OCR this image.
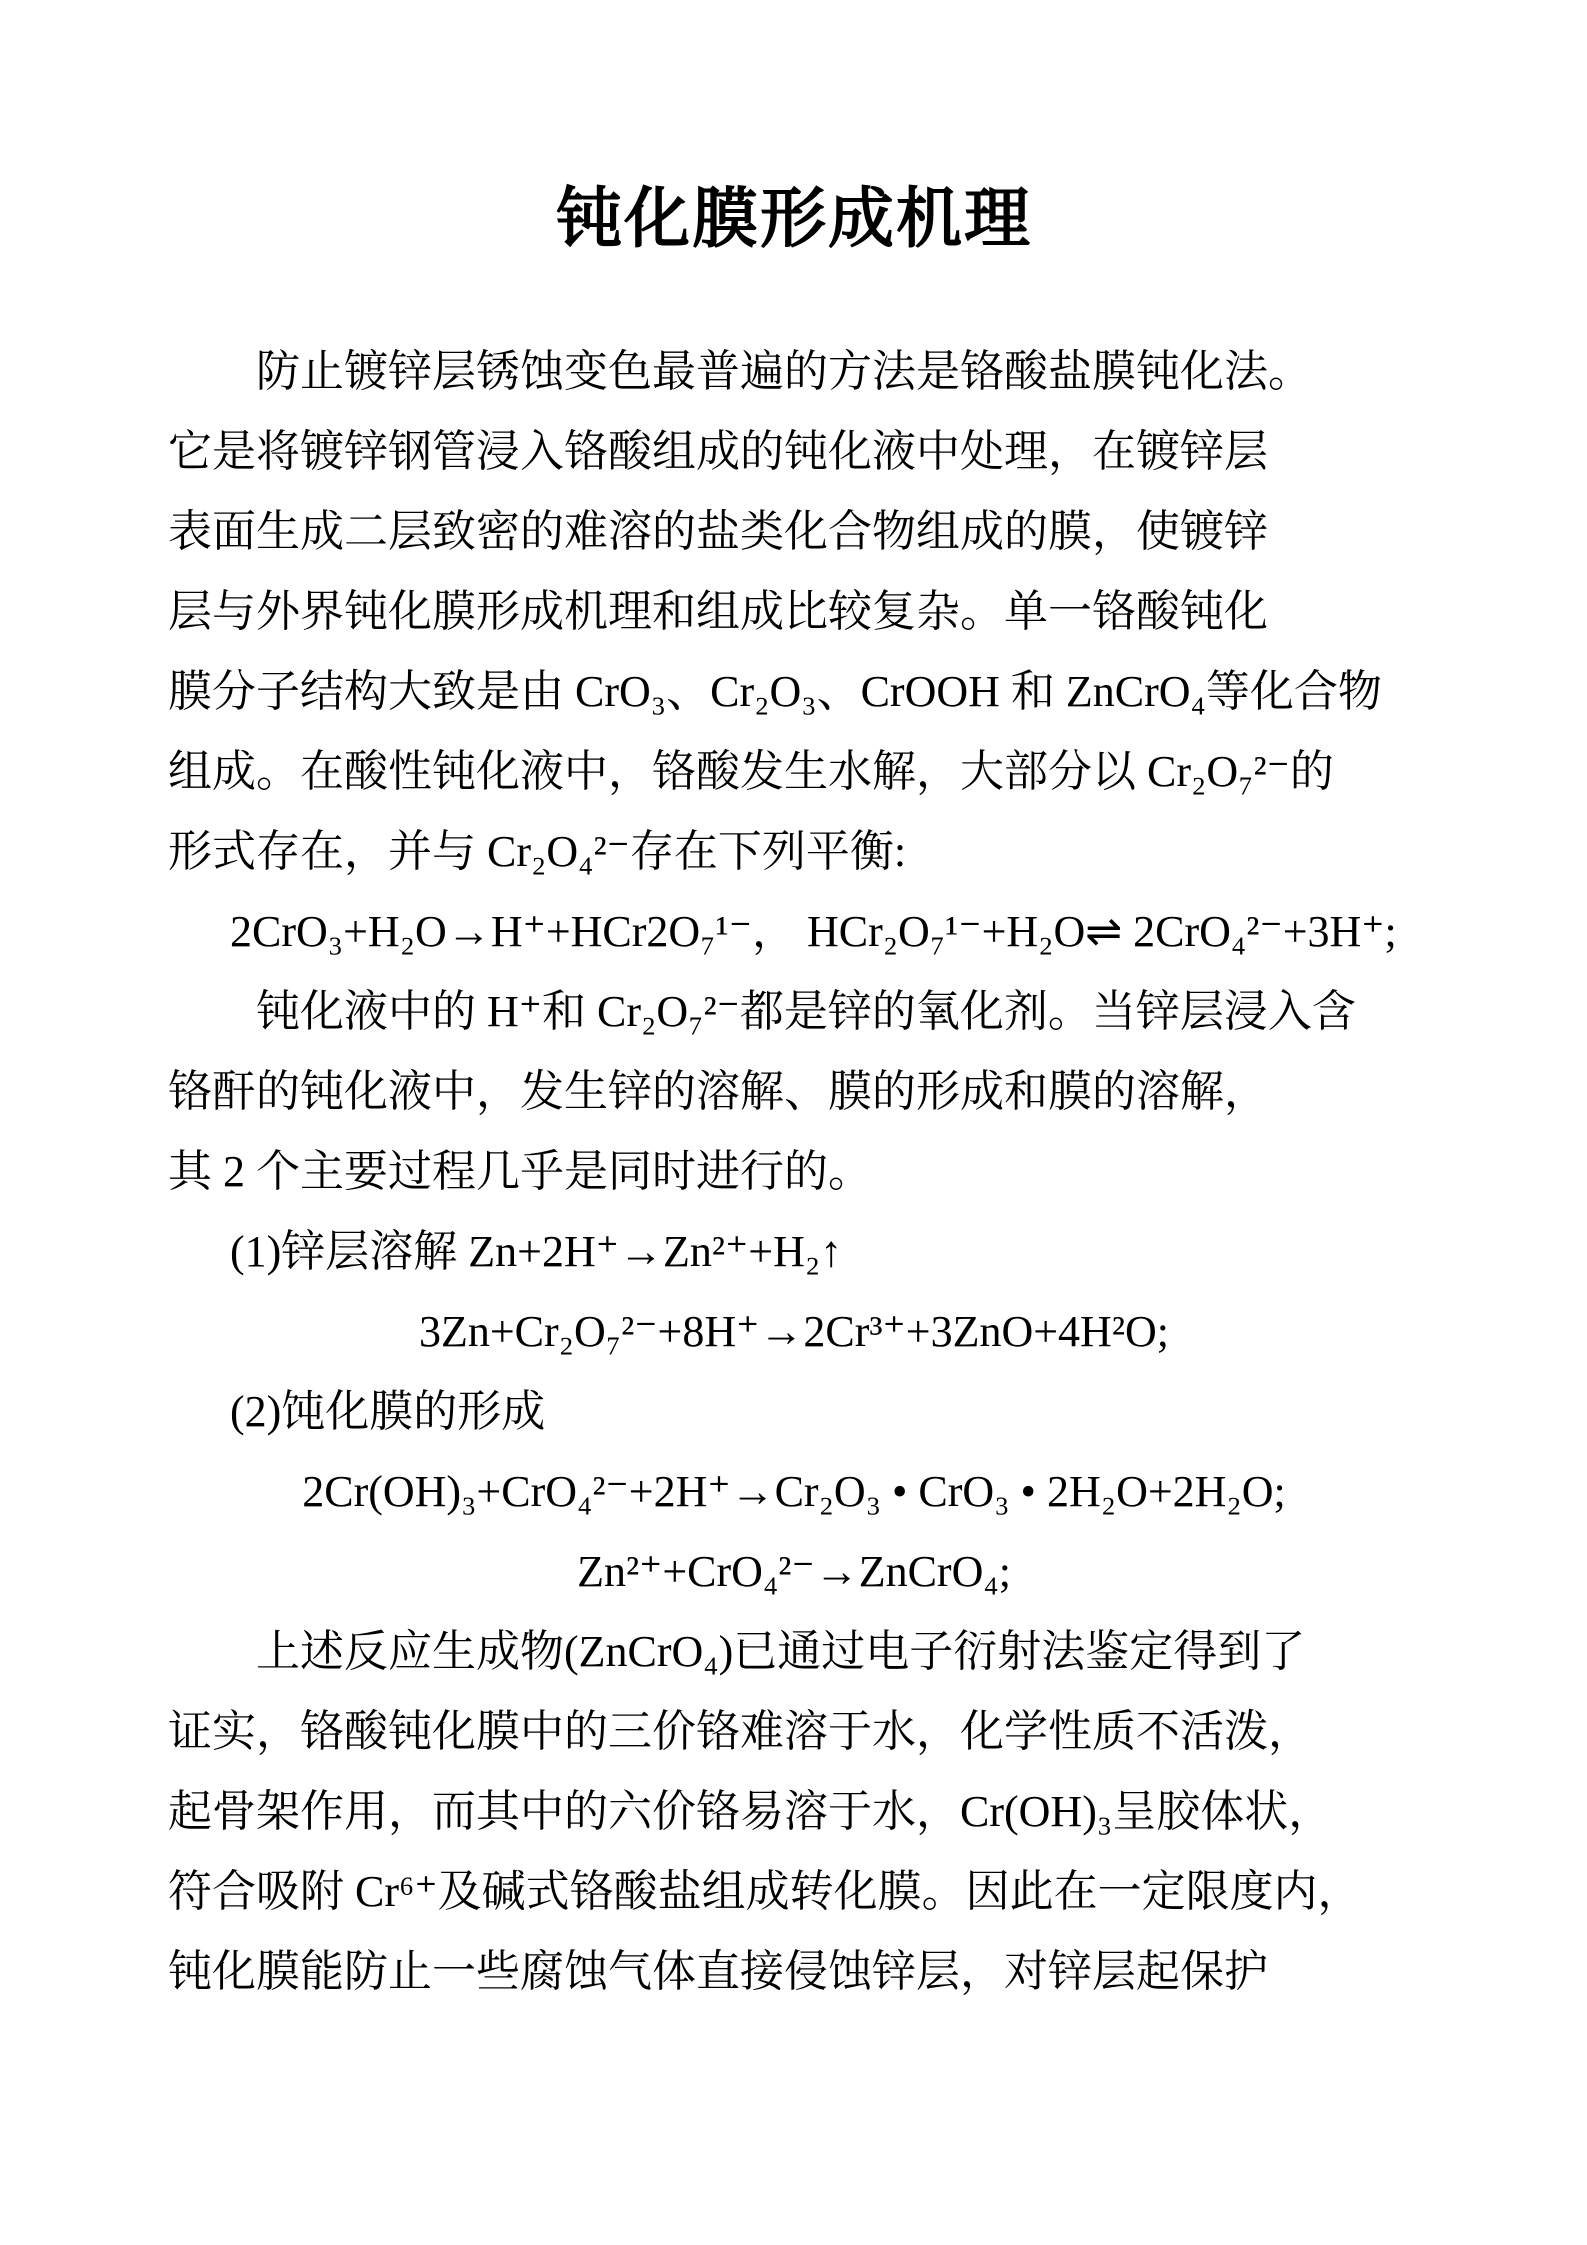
钝化膜形成机理
防止镀锌层锈蚀变色最普遍的方法是铬酸盐膜钝化法。
它是将镀锌钢管浸入铬酸组成的钝化液中处理，在镀锌层
表面生成二层致密的难溶的盐类化合物组成的膜，使镀锌
层与外界钝化膜形成机理和组成比较复杂。单一铬酸钝化
膜分子结构大致是由 CrO₃、Cr₂O₃、CrOOH 和 ZnCrO₄等化合物
组成。在酸性钝化液中，铬酸发生水解，大部分以 Cr₂O₇²⁻的
形式存在，并与 Cr₂O₄²⁻存在下列平衡:
2CrO₃+H₂O→H⁺+HCr2O₇¹⁻， HCr₂O₇¹⁻+H₂O⇌ 2CrO₄²⁻+3H⁺;
钝化液中的 H⁺和 Cr₂O₇²⁻都是锌的氧化剂。当锌层浸入含
铬酐的钝化液中，发生锌的溶解、膜的形成和膜的溶解，
其 2 个主要过程几乎是同时进行的。
(1)锌层溶解 Zn+2H⁺→Zn²⁺+H₂↑
3Zn+Cr₂O₇²⁻+8H⁺→2Cr³⁺+3ZnO+4H²O;
(2)饨化膜的形成
2Cr(OH)₃+CrO₄²⁻+2H⁺→Cr₂O₃ • CrO₃ • 2H₂O+2H₂O;
Zn²⁺+CrO₄²⁻→ZnCrO₄;
上述反应生成物(ZnCrO₄)已通过电子衍射法鉴定得到了
证实，铬酸钝化膜中的三价铬难溶于水，化学性质不活泼，
起骨架作用，而其中的六价铬易溶于水，Cr(OH)₃呈胶体状，
符合吸附 Cr⁶⁺及碱式铬酸盐组成转化膜。因此在一定限度内，
钝化膜能防止一些腐蚀气体直接侵蚀锌层，对锌层起保护
